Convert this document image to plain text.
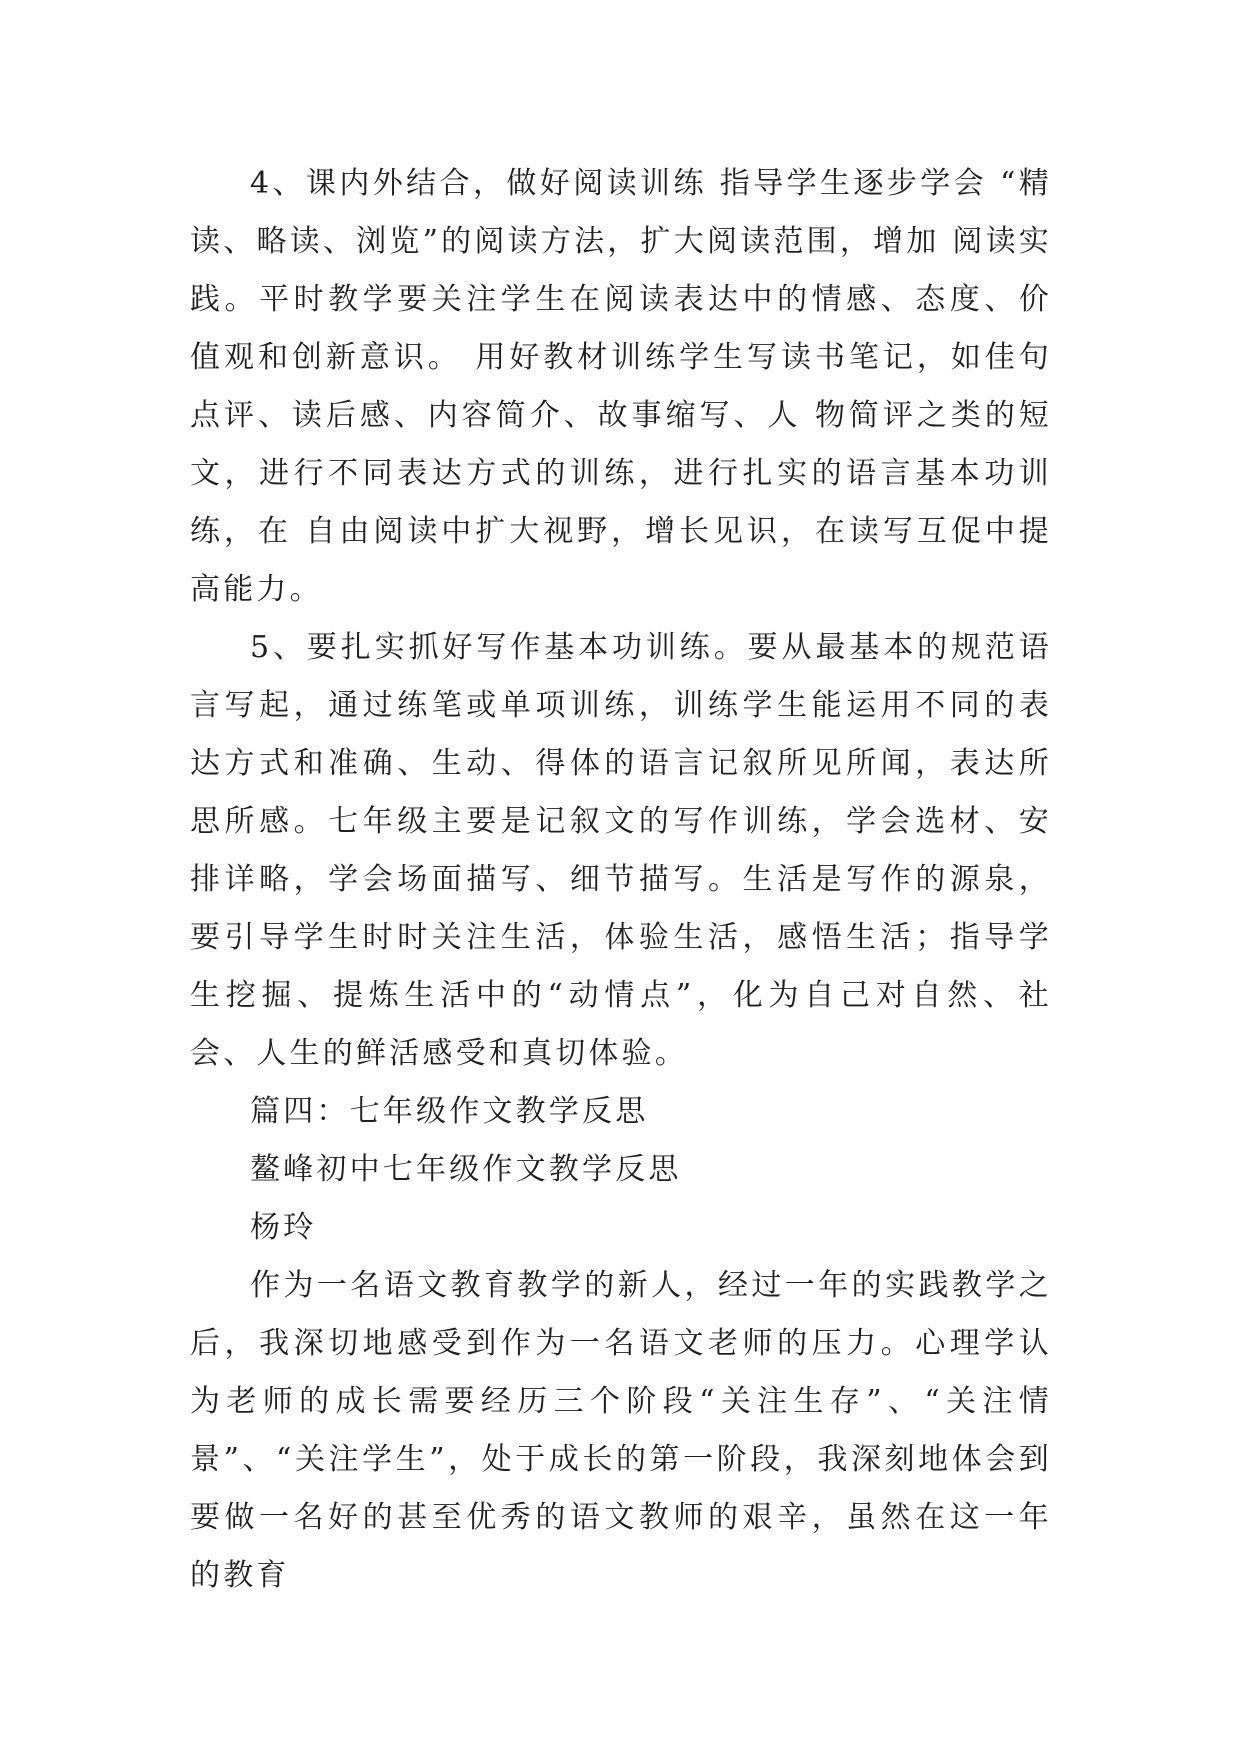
4、课内外结合，做好阅读训练 指导学生逐步学会 “精读、略读、浏览”的阅读方法，扩大阅读范围，增加 阅读实践。平时教学要关注学生在阅读表达中的情感、态度、价值观和创新意识。 用好教材训练学生写读书笔记，如佳句点评、读后感、内容简介、故事缩写、人 物简评之类的短文，进行不同表达方式的训练，进行扎实的语言基本功训练，在 自由阅读中扩大视野，增长见识，在读写互促中提高能力。

5、要扎实抓好写作基本功训练。要从最基本的规范语言写起，通过练笔或单项训练，训练学生能运用不同的表达方式和准确、生动、得体的语言记叙所见所闻，表达所思所感。七年级主要是记叙文的写作训练，学会选材、安排详略，学会场面描写、细节描写。生活是写作的源泉，要引导学生时时关注生活，体验生活，感悟生活；指导学生挖掘、提炼生活中的“动情点”，化为自己对自然、社会、人生的鲜活感受和真切体验。

篇四：七年级作文教学反思

鳌峰初中七年级作文教学反思

杨玲

作为一名语文教育教学的新人，经过一年的实践教学之后，我深切地感受到作为一名语文老师的压力。心理学认为老师的成长需要经历三个阶段“关注生存”、“关注情景”、“关注学生”，处于成长的第一阶段，我深刻地体会到要做一名好的甚至优秀的语文教师的艰辛，虽然在这一年的教育
